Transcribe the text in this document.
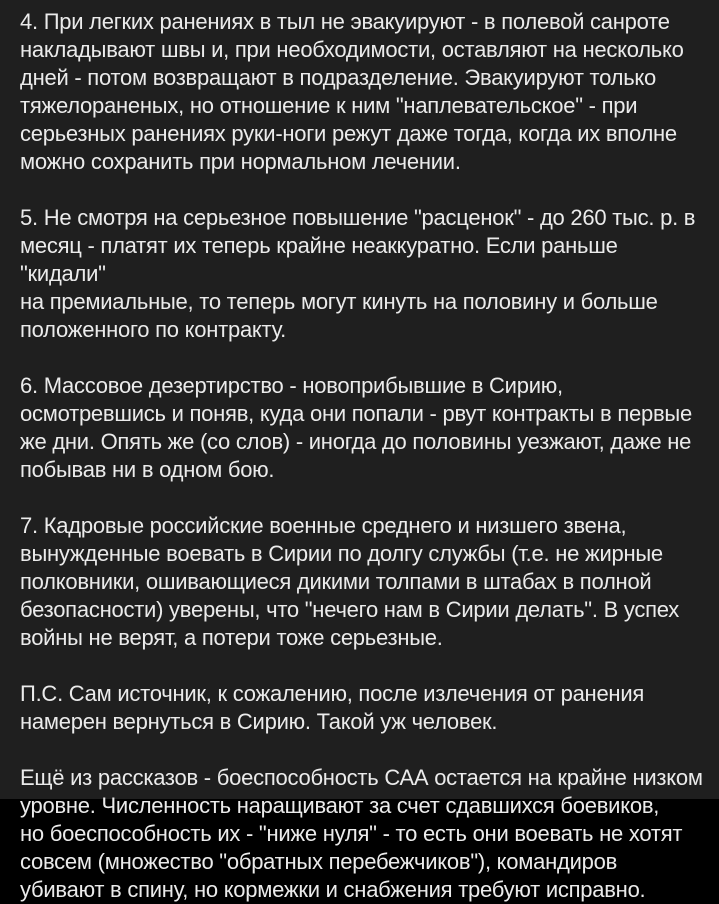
4. При легких ранениях в тыл не эвакуируют - в полевой санроте
накладывают швы и, при необходимости, оставляют на несколько
дней - потом возвращают в подразделение. Эвакуируют только
тяжелораненых, но отношение к ним "наплевательское" - при
серьезных ранениях руки-ноги режут даже тогда, когда их вполне
можно сохранить при нормальном лечении.

5. Не смотря на серьезное повышение "расценок" - до 260 тыс. р. в
месяц - платят их теперь крайне неаккуратно. Если раньше "кидали"
на премиальные, то теперь могут кинуть на половину и больше
положенного по контракту.

6. Массовое дезертирство - новоприбывшие в Сирию,
осмотревшись и поняв, куда они попали - рвут контракты в первые
же дни. Опять же (со слов) - иногда до половины уезжают, даже не
побывав ни в одном бою.

7. Кадровые российские военные среднего и низшего звена,
вынужденные воевать в Сирии по долгу службы (т.е. не жирные
полковники, ошивающиеся дикими толпами в штабах в полной
безопасности) уверены, что "нечего нам в Сирии делать". В успех
войны не верят, а потери тоже серьезные.

П.С. Сам источник, к сожалению, после излечения от ранения
намерен вернуться в Сирию. Такой уж человек.

Ещё из рассказов - боеспособность САА остается на крайне низком
уровне. Численность наращивают за счет сдавшихся боевиков,
но боеспособность их - "ниже нуля" - то есть они воевать не хотят
совсем (множество "обратных перебежчиков"), командиров
убивают в спину, но кормежки и снабжения требуют исправно.
